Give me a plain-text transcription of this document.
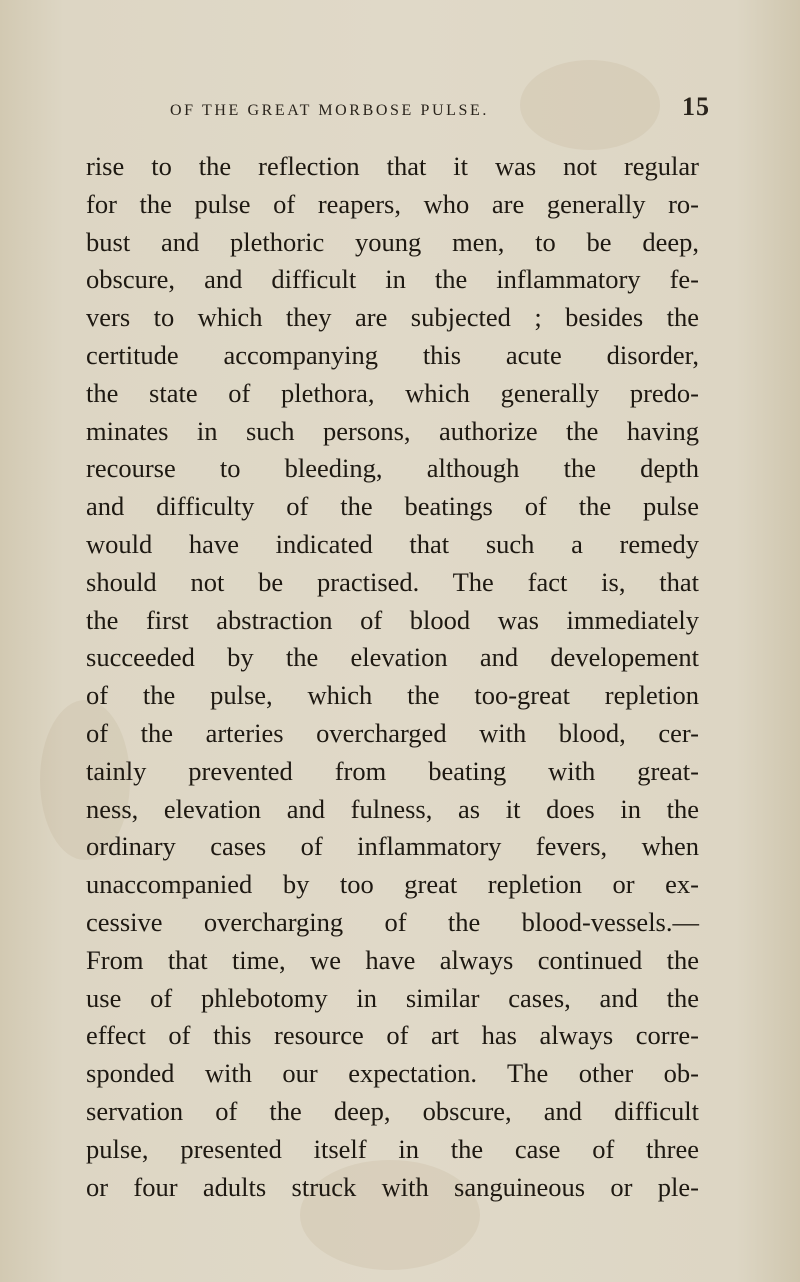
OF THE GREAT MORBOSE PULSE.	15
rise to the reflection that it was not regular
for the pulse of reapers, who are generally ro-
bust and plethoric young men, to be deep,
obscure, and difficult in the inflammatory fe-
vers to which they are subjected ; besides the
certitude accompanying this acute disorder,
the state of plethora, which generally predo-
minates in such persons, authorize the having
recourse to bleeding, although the depth
and difficulty of the beatings of the pulse
would have indicated that such a remedy
should not be practised. The fact is, that
the first abstraction of blood was immediately
succeeded by the elevation and developement
of the pulse, which the too-great repletion
of the arteries overcharged with blood, cer-
tainly prevented from beating with great-
ness, elevation and fulness, as it does in the
ordinary cases of inflammatory fevers, when
unaccompanied by too great repletion or ex-
cessive overcharging of the blood-vessels.—
From that time, we have always continued the
use of phlebotomy in similar cases, and the
effect of this resource of art has always corre-
sponded with our expectation. The other ob-
servation of the deep, obscure, and difficult
pulse, presented itself in the case of three
or four adults struck with sanguineous or ple-
